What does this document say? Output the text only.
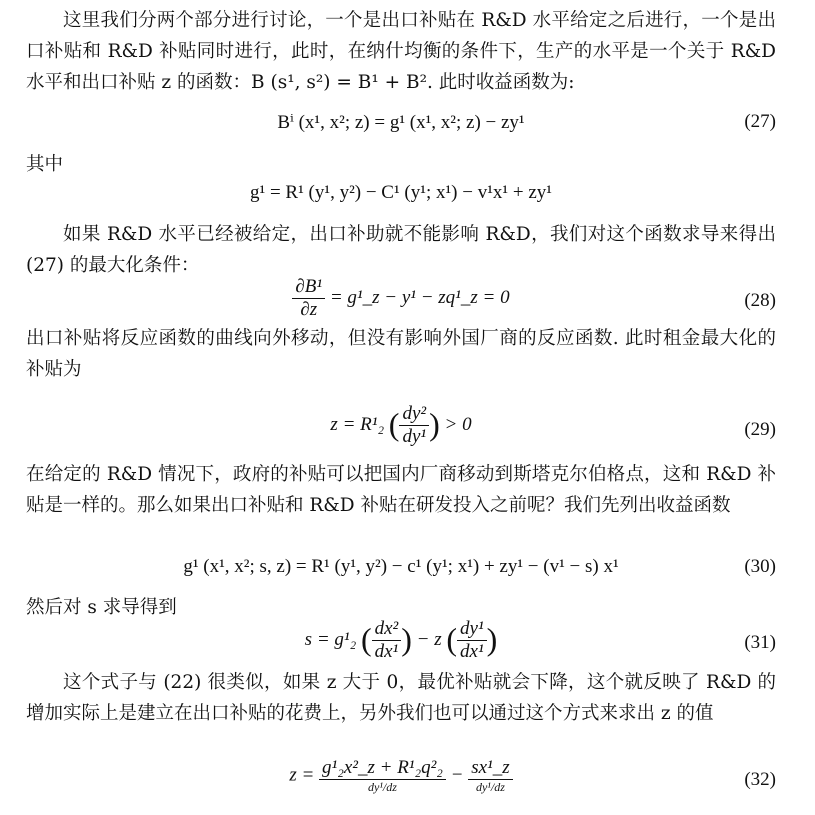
这里我们分两个部分进行讨论，一个是出口补贴在 R&D 水平给定之后进行，一个是出口补贴和 R&D 补贴同时进行，此时，在纳什均衡的条件下，生产的水平是一个关于 R&D 水平和出口补贴 z 的函数：B (s¹, s²) = B¹ + B². 此时收益函数为:
Bⁱ (x¹, x²; z) = g¹ (x¹, x²; z) − zy¹	(27)
其中
g¹ = R¹ (y¹, y²) − C¹ (y¹; x¹) − v¹x¹ + zy¹
如果 R&D 水平已经被给定，出口补助就不能影响 R&D，我们对这个函数求导来得出 (27) 的最大化条件：
$\frac{\text{∂B¹}}{\partial z}$ = g¹_z − y¹ − zq¹_z = 0	(28)
出口补贴将反应函数的曲线向外移动，但没有影响外国厂商的反应函数. 此时租金最大化的补贴为
z = R¹₂ ( $\frac{\text{dy²}}{\text{dy¹}}$ ) > 0	(29)
在给定的 R&D 情况下，政府的补贴可以把国内厂商移动到斯塔克尔伯格点，这和 R&D 补贴是一样的。那么如果出口补贴和 R&D 补贴在研发投入之前呢？我们先列出收益函数
g¹ (x¹, x²; s, z) = R¹ (y¹, y²) − c¹ (y¹; x¹) + zy¹ − (v¹ − s) x¹	(30)
然后对 s 求导得到
s = g¹₂ ( $\frac{\text{dx²}}{\text{dx¹}}$ ) − z ( $\frac{\text{dy¹}}{\text{dx¹}}$ )	(31)
这个式子与 (22) 很类似，如果 z 大于 0，最优补贴就会下降，这个就反映了 R&D 的增加实际上是建立在出口补贴的花费上，另外我们也可以通过这个方式来求出 z 的值
$z = \frac{\text{g¹₂x²\_z + R¹₂q²₂}}{\text{dy¹/dz}} - \frac{\text{sx¹\_z}}{\text{dy¹/dz}}$	(32)
